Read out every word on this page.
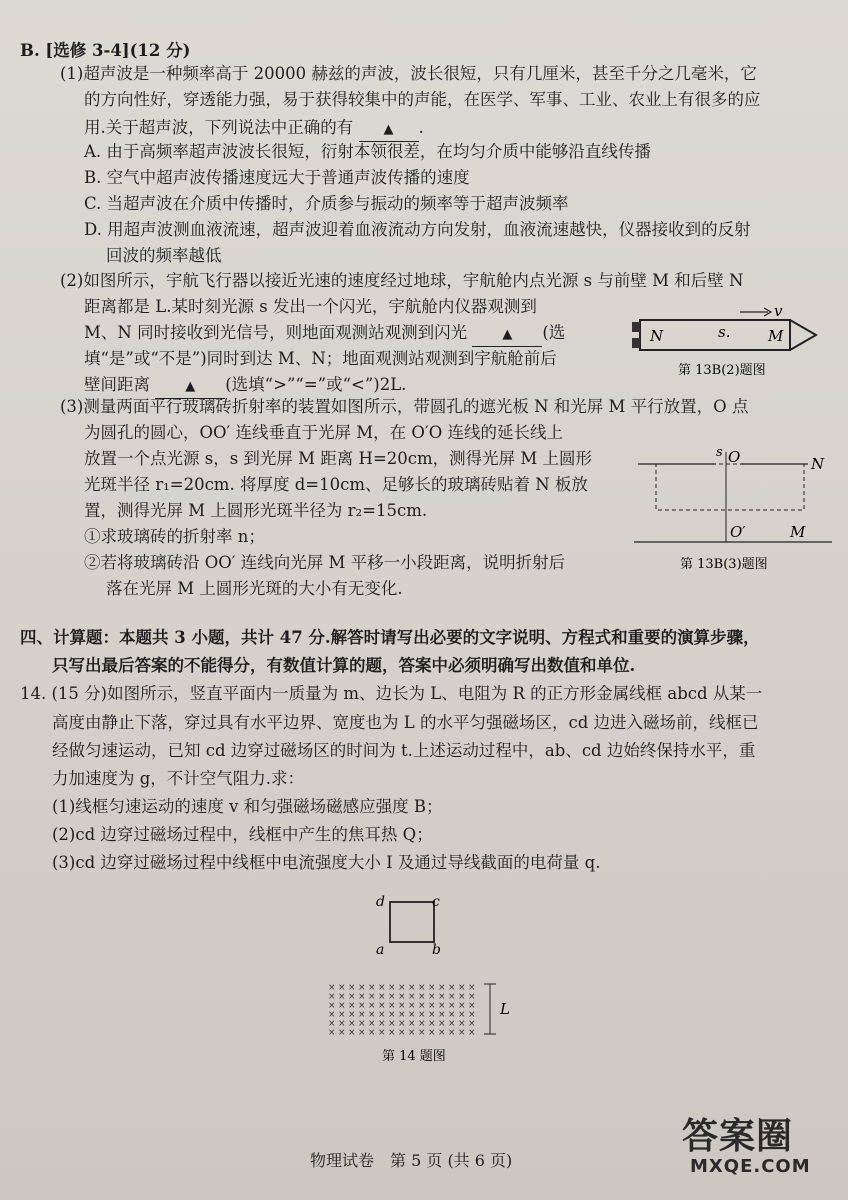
B. [选修 3-4](12 分)
(1)超声波是一种频率高于 20000 赫兹的声波，波长很短，只有几厘米，甚至千分之几毫米，它
的方向性好，穿透能力强，易于获得较集中的声能，在医学、军事、工业、农业上有很多的应
用.关于超声波，下列说法中正确的有 ▲ .
A. 由于高频率超声波波长很短，衍射本领很差，在均匀介质中能够沿直线传播
B. 空气中超声波传播速度远大于普通声波传播的速度
C. 当超声波在介质中传播时，介质参与振动的频率等于超声波频率
D. 用超声波测血液流速，超声波迎着血液流动方向发射，血液流速越快，仪器接收到的反射
回波的频率越低
(2)如图所示，宇航飞行器以接近光速的速度经过地球，宇航舱内点光源 s 与前壁 M 和后壁 N
距离都是 L.某时刻光源 s 发出一个闪光，宇航舱内仪器观测到
M、N 同时接收到光信号，则地面观测站观测到闪光	▲ (选
填“是”或“不是”)同时到达 M、N；地面观测站观测到宇航舱前后
壁间距离	▲ (选填“>”“=”或“<”)2L.
v
N	s.	M
第 13B(2)题图
(3)测量两面平行玻璃砖折射率的装置如图所示，带圆孔的遮光板 N 和光屏 M 平行放置，O 点
为圆孔的圆心，OO′ 连线垂直于光屏 M，在 O′O 连线的延长线上
放置一个点光源 s，s 到光屏 M 距离 H=20cm，测得光屏 M 上圆形
光斑半径 r₁=20cm. 将厚度 d=10cm、足够长的玻璃砖贴着 N 板放
置，测得光屏 M 上圆形光斑半径为 r₂=15cm.
①求玻璃砖的折射率 n；
②若将玻璃砖沿 OO′ 连线向光屏 M 平移一小段距离，说明折射后
落在光屏 M 上圆形光斑的大小有无变化.
s O	N
O′	M
第 13B(3)题图
四、计算题：本题共 3 小题，共计 47 分.解答时请写出必要的文字说明、方程式和重要的演算步骤，
只写出最后答案的不能得分，有数值计算的题，答案中必须明确写出数值和单位.
14. (15 分)如图所示，竖直平面内一质量为 m、边长为 L、电阻为 R 的正方形金属线框 abcd 从某一
高度由静止下落，穿过具有水平边界、宽度也为 L 的水平匀强磁场区，cd 边进入磁场前，线框已
经做匀速运动，已知 cd 边穿过磁场区的时间为 t.上述运动过程中，ab、cd 边始终保持水平，重
力加速度为 g，不计空气阻力.求：
(1)线框匀速运动的速度 v 和匀强磁场磁感应强度 B；
(2)cd 边穿过磁场过程中，线框中产生的焦耳热 Q；
(3)cd 边穿过磁场过程中线框中电流强度大小 I 及通过导线截面的电荷量 q.
d	c
a	b
× × × × × × × × × × × × × × ×
× × × × × × × × × × × × × × ×
× × × × × × × × × × × × × × ×
× × × × × × × × × × × × × × ×
× × × × × × × × × × × × × × ×
× × × × × × × × × × × × × × ×
L
第 14 题图
物理试卷　第 5 页 (共 6 页)
答案圈
MXQE.COM
